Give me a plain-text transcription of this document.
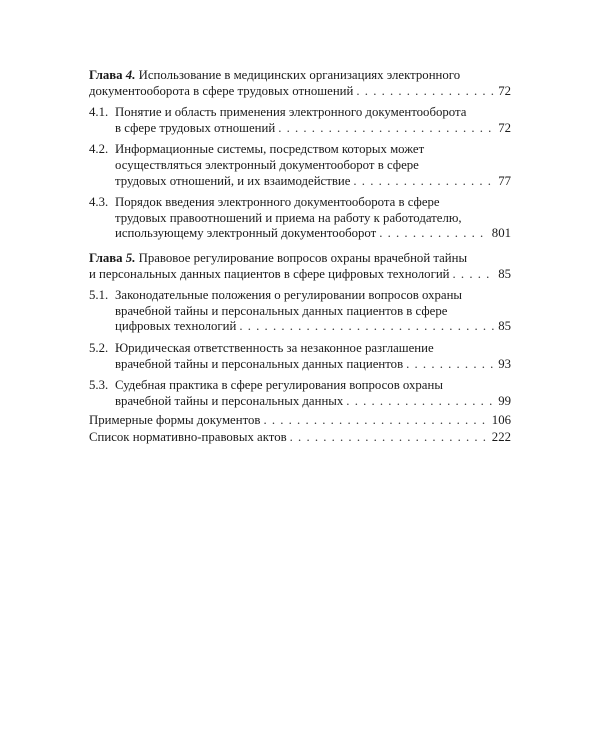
Глава 4. Использование в медицинских организациях электронного
документооборота в сфере трудовых отношений . . .	72
4.1. Понятие и область применения электронного документооборота
в сфере трудовых отношений . . .	72
4.2. Информационные системы, посредством которых может
осуществляться электронный документооборот в сфере
трудовых отношений, и их взаимодействие . . .	77
4.3. Порядок введения электронного документооборота в сфере
трудовых правоотношений и приема на работу к работодателю,
использующему электронный документооборот . . .	801
Глава 5. Правовое регулирование вопросов охраны врачебной тайны
и персональных данных пациентов в сфере цифровых технологий . . .	85
5.1. Законодательные положения о регулировании вопросов охраны
врачебной тайны и персональных данных пациентов в сфере
цифровых технологий . . .	85
5.2. Юридическая ответственность за незаконное разглашение
врачебной тайны и персональных данных пациентов . . .	93
5.3. Судебная практика в сфере регулирования вопросов охраны
врачебной тайны и персональных данных . . .	99
Примерные формы документов . . .	106
Список нормативно-правовых актов . . .	222
